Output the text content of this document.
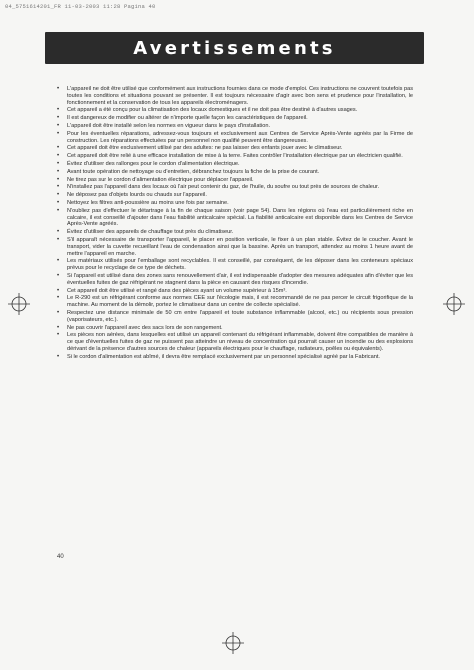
04_5751614201_FR 11-03-2003 11:28 Pagina 40
Avertissements
• L'appareil ne doit être utilisé que conformément aux instructions fournies dans ce mode d'emploi. Ces instructions ne couvrent toutefois pas toutes les conditions et situations pouvant se présenter. Il est toujours nécessaire d'agir avec bon sens et prudence pour l'installation, le fonctionnement et la conservation de tous les appareils électroménagers.
• Cet appareil a été conçu pour la climatisation des locaux domestiques et il ne doit pas être destiné à d'autres usages.
• Il est dangereux de modifier ou altérer de n'importe quelle façon les caractéristiques de l'appareil.
• L'appareil doit être installé selon les normes en vigueur dans le pays d'installation.
• Pour les éventuelles réparations, adressez-vous toujours et exclusivement aux Centres de Service Après-Vente agréés par la Firme de construction. Les réparations effectuées par un personnel non qualifié peuvent être dangereuses.
• Cet appareil doit être exclusivement utilisé par des adultes: ne pas laisser des enfants jouer avec le climatiseur.
• Cet appareil doit être relié à une efficace installation de mise à la terre. Faites contrôler l'installation électrique par un électricien qualifié.
• Évitez d'utiliser des rallonges pour le cordon d'alimentation électrique.
• Avant toute opération de nettoyage ou d'entretien, débranchez toujours la fiche de la prise de courant.
• Ne tirez pas sur le cordon d'alimentation électrique pour déplacer l'appareil.
• N'installez pas l'appareil dans des locaux où l'air peut contenir du gaz, de l'huile, du soufre ou tout près de sources de chaleur.
• Ne déposez pas d'objets lourds ou chauds sur l'appareil.
• Nettoyez les filtres anti-poussière au moins une fois par semaine.
• N'oubliez pas d'effectuer le détartrage à la fin de chaque saison (voir page 54). Dans les régions où l'eau est particulièrement riche en calcaire, il est conseillé d'ajouter dans l'eau fiabilité anticalcaire spécial. La fiabilité anticalcaire est disponible dans les Centres de Service Après-Vente agréés.
• Évitez d'utiliser des appareils de chauffage tout près du climatiseur.
• S'il apparaît nécessaire de transporter l'appareil, le placer en position verticale, le fixer à un plan stable. Évitez de le coucher. Avant le transport, vider la cuvette recueillant l'eau de condensation ainsi que la bassine. Après un transport, attendez au moins 1 heure avant de mettre l'appareil en marche.
• Les matériaux utilisés pour l'emballage sont recyclables. Il est conseillé, par conséquent, de les déposer dans les conteneurs spéciaux prévus pour le recyclage de ce type de déchets.
• Si l'appareil est utilisé dans des zones sans renouvellement d'air, il est indispensable d'adopter des mesures adéquates afin d'éviter que les éventuelles fuites de gaz réfrigérant ne stagnent dans la pièce en causant des risques d'incendie.
• Cet appareil doit être utilisé et rangé dans des pièces ayant un volume supérieur à 15m³.
• Le R-290 est un réfrigérant conforme aux normes CEE sur l'écologie mais, il est recommandé de ne pas percer le circuit frigorifique de la machine. Au moment de la démolir, portez le climatiseur dans un centre de collecte spécialisé.
• Respectez une distance minimale de 50 cm entre l'appareil et toute substance inflammable (alcool, etc.) ou récipients sous pression (vaporisateurs, etc.).
• Ne pas couvrir l'appareil avec des sacs lors de son rangement.
• Les pièces non aérées, dans lesquelles est utilisé un appareil contenant du réfrigérant inflammable, doivent être compatibles de manière à ce que d'éventuelles fuites de gaz ne puissent pas atteindre un niveau de concentration qui pourrait causer un incendie ou des explosions dérivant de la présence d'autres sources de chaleur (appareils électriques pour le chauffage, radiateurs, poêles ou équivalents).
• Si le cordon d'alimentation est abîmé, il devra être remplacé exclusivement par un personnel spécialisé agréé par la Fabricant.
40
